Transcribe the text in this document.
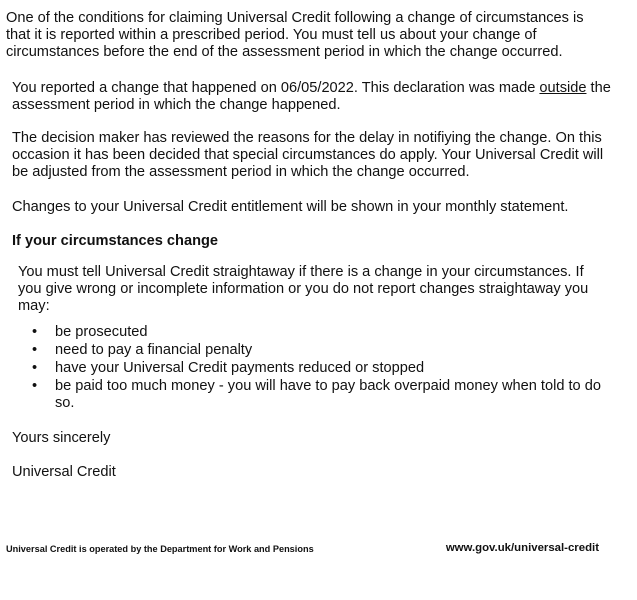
One of the conditions for claiming Universal Credit following a change of circumstances is that it is reported within a prescribed period. You must tell us about your change of circumstances before the end of the assessment period in which the change occurred.

You reported a change that happened on 06/05/2022. This declaration was made outside the assessment period in which the change happened.

The decision maker has reviewed the reasons for the delay in notifiying the change. On this occasion it has been decided that special circumstances do apply. Your Universal Credit will be adjusted from the assessment period in which the change occurred.

Changes to your Universal Credit entitlement will be shown in your monthly statement.

If your circumstances change

You must tell Universal Credit straightaway if there is a change in your circumstances. If you give wrong or incomplete information or you do not report changes straightaway you may:

• be prosecuted
• need to pay a financial penalty
• have your Universal Credit payments reduced or stopped
• be paid too much money - you will have to pay back overpaid money when told to do so.

Yours sincerely

Universal Credit

Universal Credit is operated by the Department for Work and Pensions	www.gov.uk/universal-credit
